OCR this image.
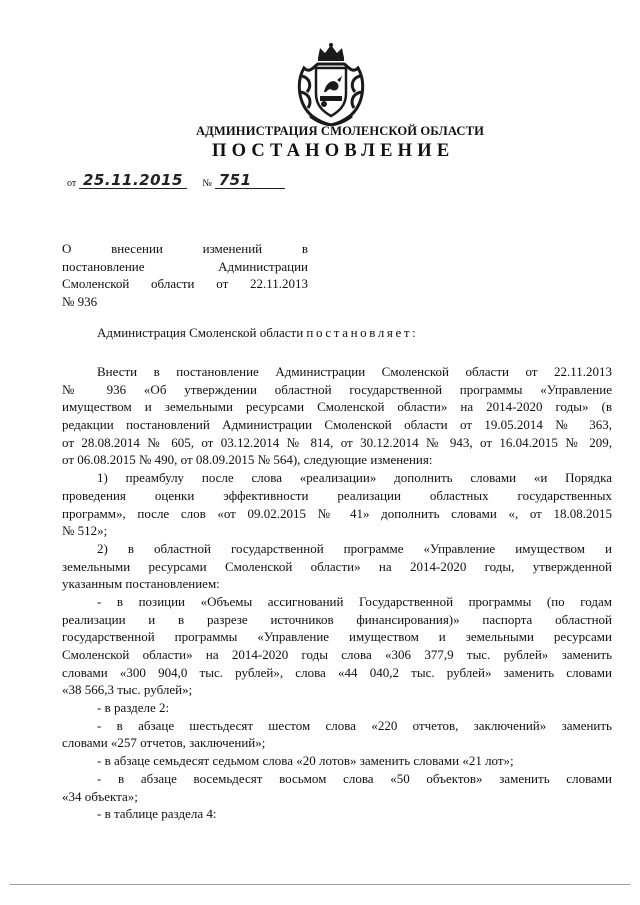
АДМИНИСТРАЦИЯ СМОЛЕНСКОЙ ОБЛАСТИ
ПОСТАНОВЛЕНИЕ
от 25.11.2015 № 751
О внесении изменений в
постановление Администрации
Смоленской области от 22.11.2013
№ 936
Администрация Смоленской области постановляет:
Внести в постановление Администрации Смоленской области от 22.11.2013
№ 936 «Об утверждении областной государственной программы «Управление
имуществом и земельными ресурсами Смоленской области» на 2014-2020 годы» (в
редакции постановлений Администрации Смоленской области от 19.05.2014 № 363,
от 28.08.2014 № 605, от 03.12.2014 № 814, от 30.12.2014 № 943, от 16.04.2015 № 209,
от 06.08.2015 № 490, от 08.09.2015 № 564), следующие изменения:
1) преамбулу после слова «реализации» дополнить словами «и Порядка
проведения оценки эффективности реализации областных государственных
программ», после слов «от 09.02.2015 № 41» дополнить словами «, от 18.08.2015
№ 512»;
2) в областной государственной программе «Управление имуществом и
земельными ресурсами Смоленской области» на 2014-2020 годы, утвержденной
указанным постановлением:
- в позиции «Объемы ассигнований Государственной программы (по годам
реализации и в разрезе источников финансирования)» паспорта областной
государственной программы «Управление имуществом и земельными ресурсами
Смоленской области» на 2014-2020 годы слова «306 377,9 тыс. рублей» заменить
словами «300 904,0 тыс. рублей», слова «44 040,2 тыс. рублей» заменить словами
«38 566,3 тыс. рублей»;
- в разделе 2:
- в абзаце шестьдесят шестом слова «220 отчетов, заключений» заменить
словами «257 отчетов, заключений»;
- в абзаце семьдесят седьмом слова «20 лотов» заменить словами «21 лот»;
- в абзаце восемьдесят восьмом слова «50 объектов» заменить словами
«34 объекта»;
- в таблице раздела 4:
